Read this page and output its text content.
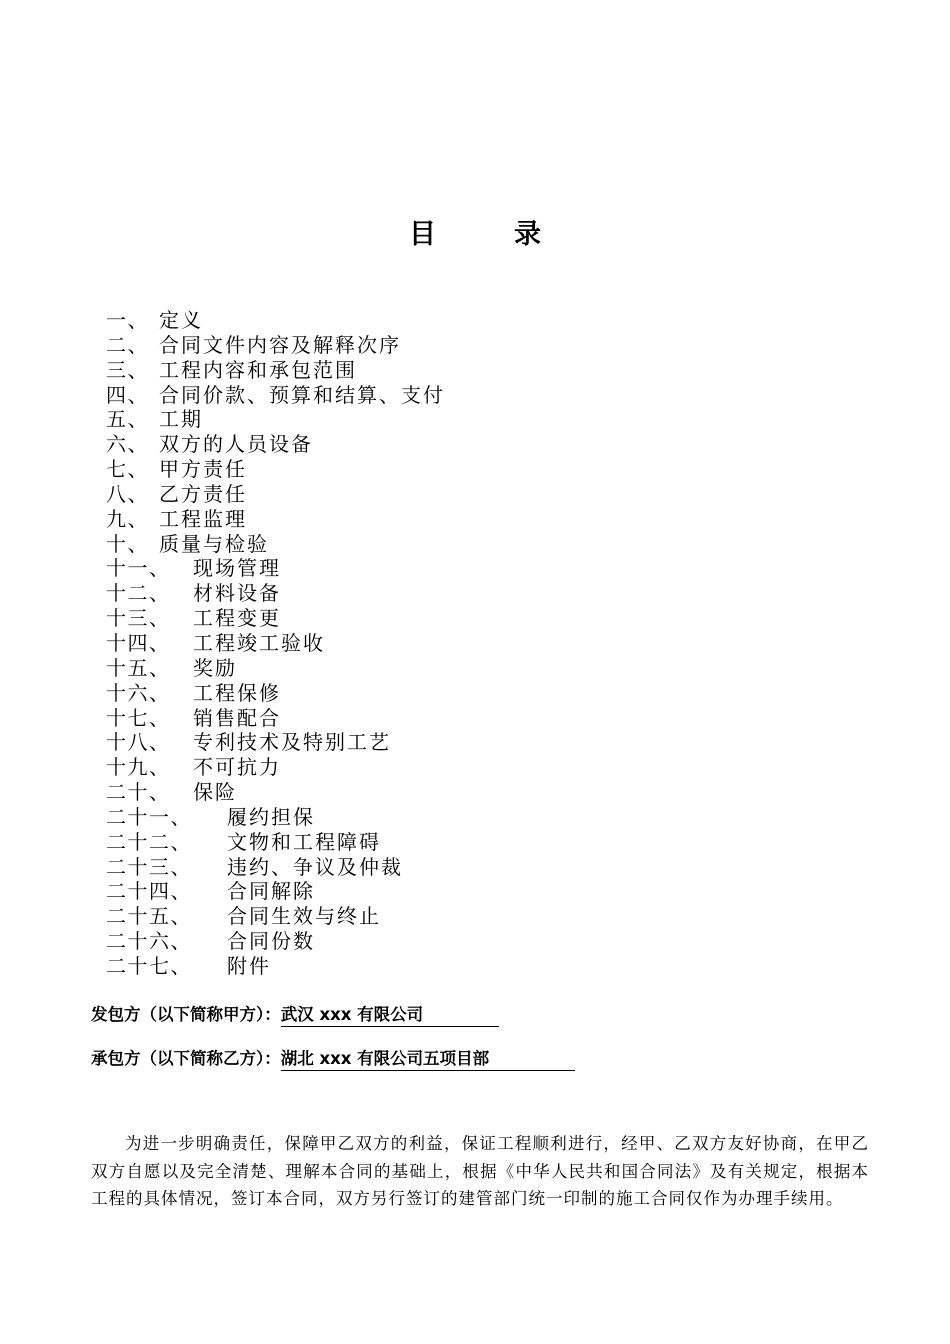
目	录
一、 定义
二、 合同文件内容及解释次序
三、 工程内容和承包范围
四、 合同价款、预算和结算、支付
五、 工期
六、 双方的人员设备
七、 甲方责任
八、 乙方责任
九、 工程监理
十、 质量与检验
十一、 现场管理
十二、 材料设备
十三、 工程变更
十四、 工程竣工验收
十五、 奖励
十六、 工程保修
十七、 销售配合
十八、 专利技术及特别工艺
十九、 不可抗力
二十、 保险
二十一、 履约担保
二十二、 文物和工程障碍
二十三、 违约、争议及仲裁
二十四、 合同解除
二十五、 合同生效与终止
二十六、 合同份数
二十七、 附件
发包方（以下简称甲方）：武汉 xxx 有限公司
承包方（以下简称乙方）：湖北 xxx 有限公司五项目部
为进一步明确责任，保障甲乙双方的利益，保证工程顺利进行，经甲、乙双方友好协商，在甲乙双方自愿以及完全清楚、理解本合同的基础上，根据《中华人民共和国合同法》及有关规定，根据本工程的具体情况，签订本合同，双方另行签订的建管部门统一印制的施工合同仅作为办理手续用。
